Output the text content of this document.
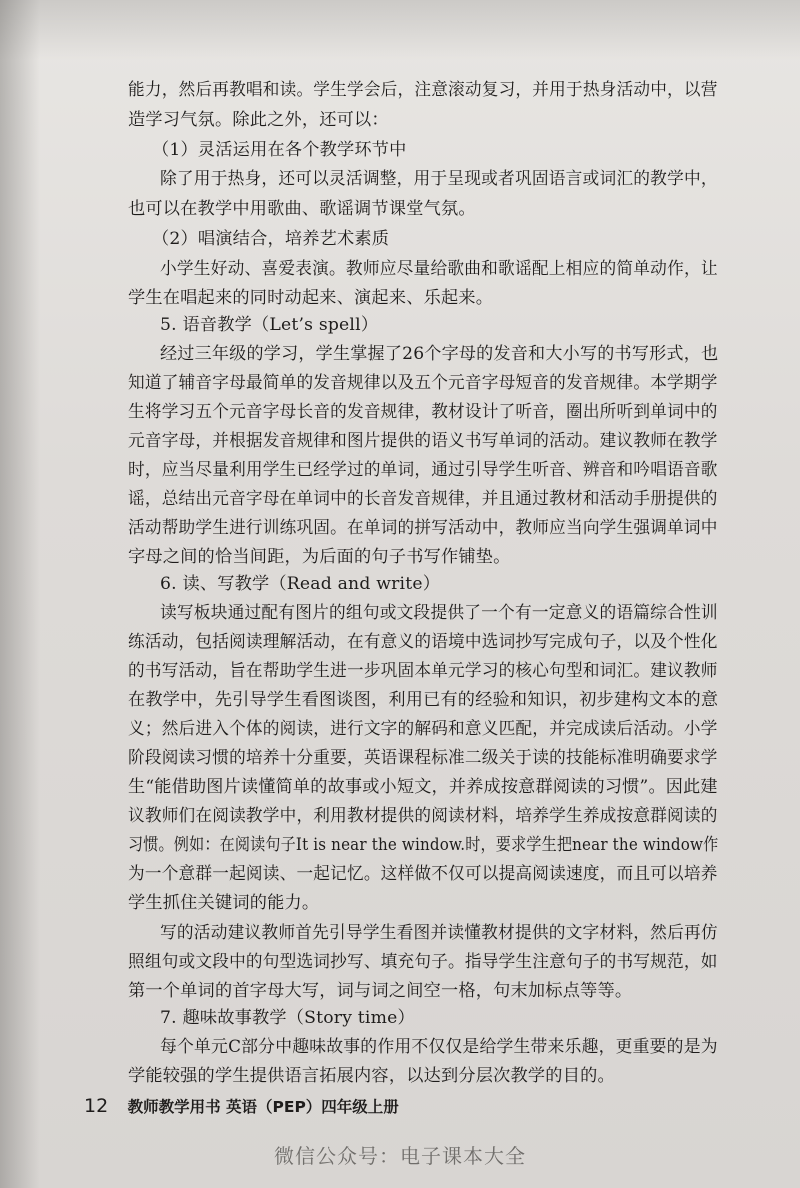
能力，然后再教唱和读。学生学会后，注意滚动复习，并用于热身活动中，以营
造学习气氛。除此之外，还可以：
（1）灵活运用在各个教学环节中
除了用于热身，还可以灵活调整，用于呈现或者巩固语言或词汇的教学中，
也可以在教学中用歌曲、歌谣调节课堂气氛。
（2）唱演结合，培养艺术素质
小学生好动、喜爱表演。教师应尽量给歌曲和歌谣配上相应的简单动作，让
学生在唱起来的同时动起来、演起来、乐起来。
5. 语音教学（Let’s spell）
经过三年级的学习，学生掌握了26个字母的发音和大小写的书写形式，也
知道了辅音字母最简单的发音规律以及五个元音字母短音的发音规律。本学期学
生将学习五个元音字母长音的发音规律，教材设计了听音，圈出所听到单词中的
元音字母，并根据发音规律和图片提供的语义书写单词的活动。建议教师在教学
时，应当尽量利用学生已经学过的单词，通过引导学生听音、辨音和吟唱语音歌
谣，总结出元音字母在单词中的长音发音规律，并且通过教材和活动手册提供的
活动帮助学生进行训练巩固。在单词的拼写活动中，教师应当向学生强调单词中
字母之间的恰当间距，为后面的句子书写作铺垫。
6. 读、写教学（Read and write）
读写板块通过配有图片的组句或文段提供了一个有一定意义的语篇综合性训
练活动，包括阅读理解活动，在有意义的语境中选词抄写完成句子，以及个性化
的书写活动，旨在帮助学生进一步巩固本单元学习的核心句型和词汇。建议教师
在教学中，先引导学生看图谈图，利用已有的经验和知识，初步建构文本的意
义；然后进入个体的阅读，进行文字的解码和意义匹配，并完成读后活动。小学
阶段阅读习惯的培养十分重要，英语课程标准二级关于读的技能标准明确要求学
生“能借助图片读懂简单的故事或小短文，并养成按意群阅读的习惯”。因此建
议教师们在阅读教学中，利用教材提供的阅读材料，培养学生养成按意群阅读的
习惯。例如：在阅读句子It is near the window.时，要求学生把near the window作
为一个意群一起阅读、一起记忆。这样做不仅可以提高阅读速度，而且可以培养
学生抓住关键词的能力。
写的活动建议教师首先引导学生看图并读懂教材提供的文字材料，然后再仿
照组句或文段中的句型选词抄写、填充句子。指导学生注意句子的书写规范，如
第一个单词的首字母大写，词与词之间空一格，句末加标点等等。
7. 趣味故事教学（Story time）
每个单元C部分中趣味故事的作用不仅仅是给学生带来乐趣，更重要的是为
学能较强的学生提供语言拓展内容，以达到分层次教学的目的。
12 教师教学用书 英语（PEP）四年级上册
微信公众号：电子课本大全
